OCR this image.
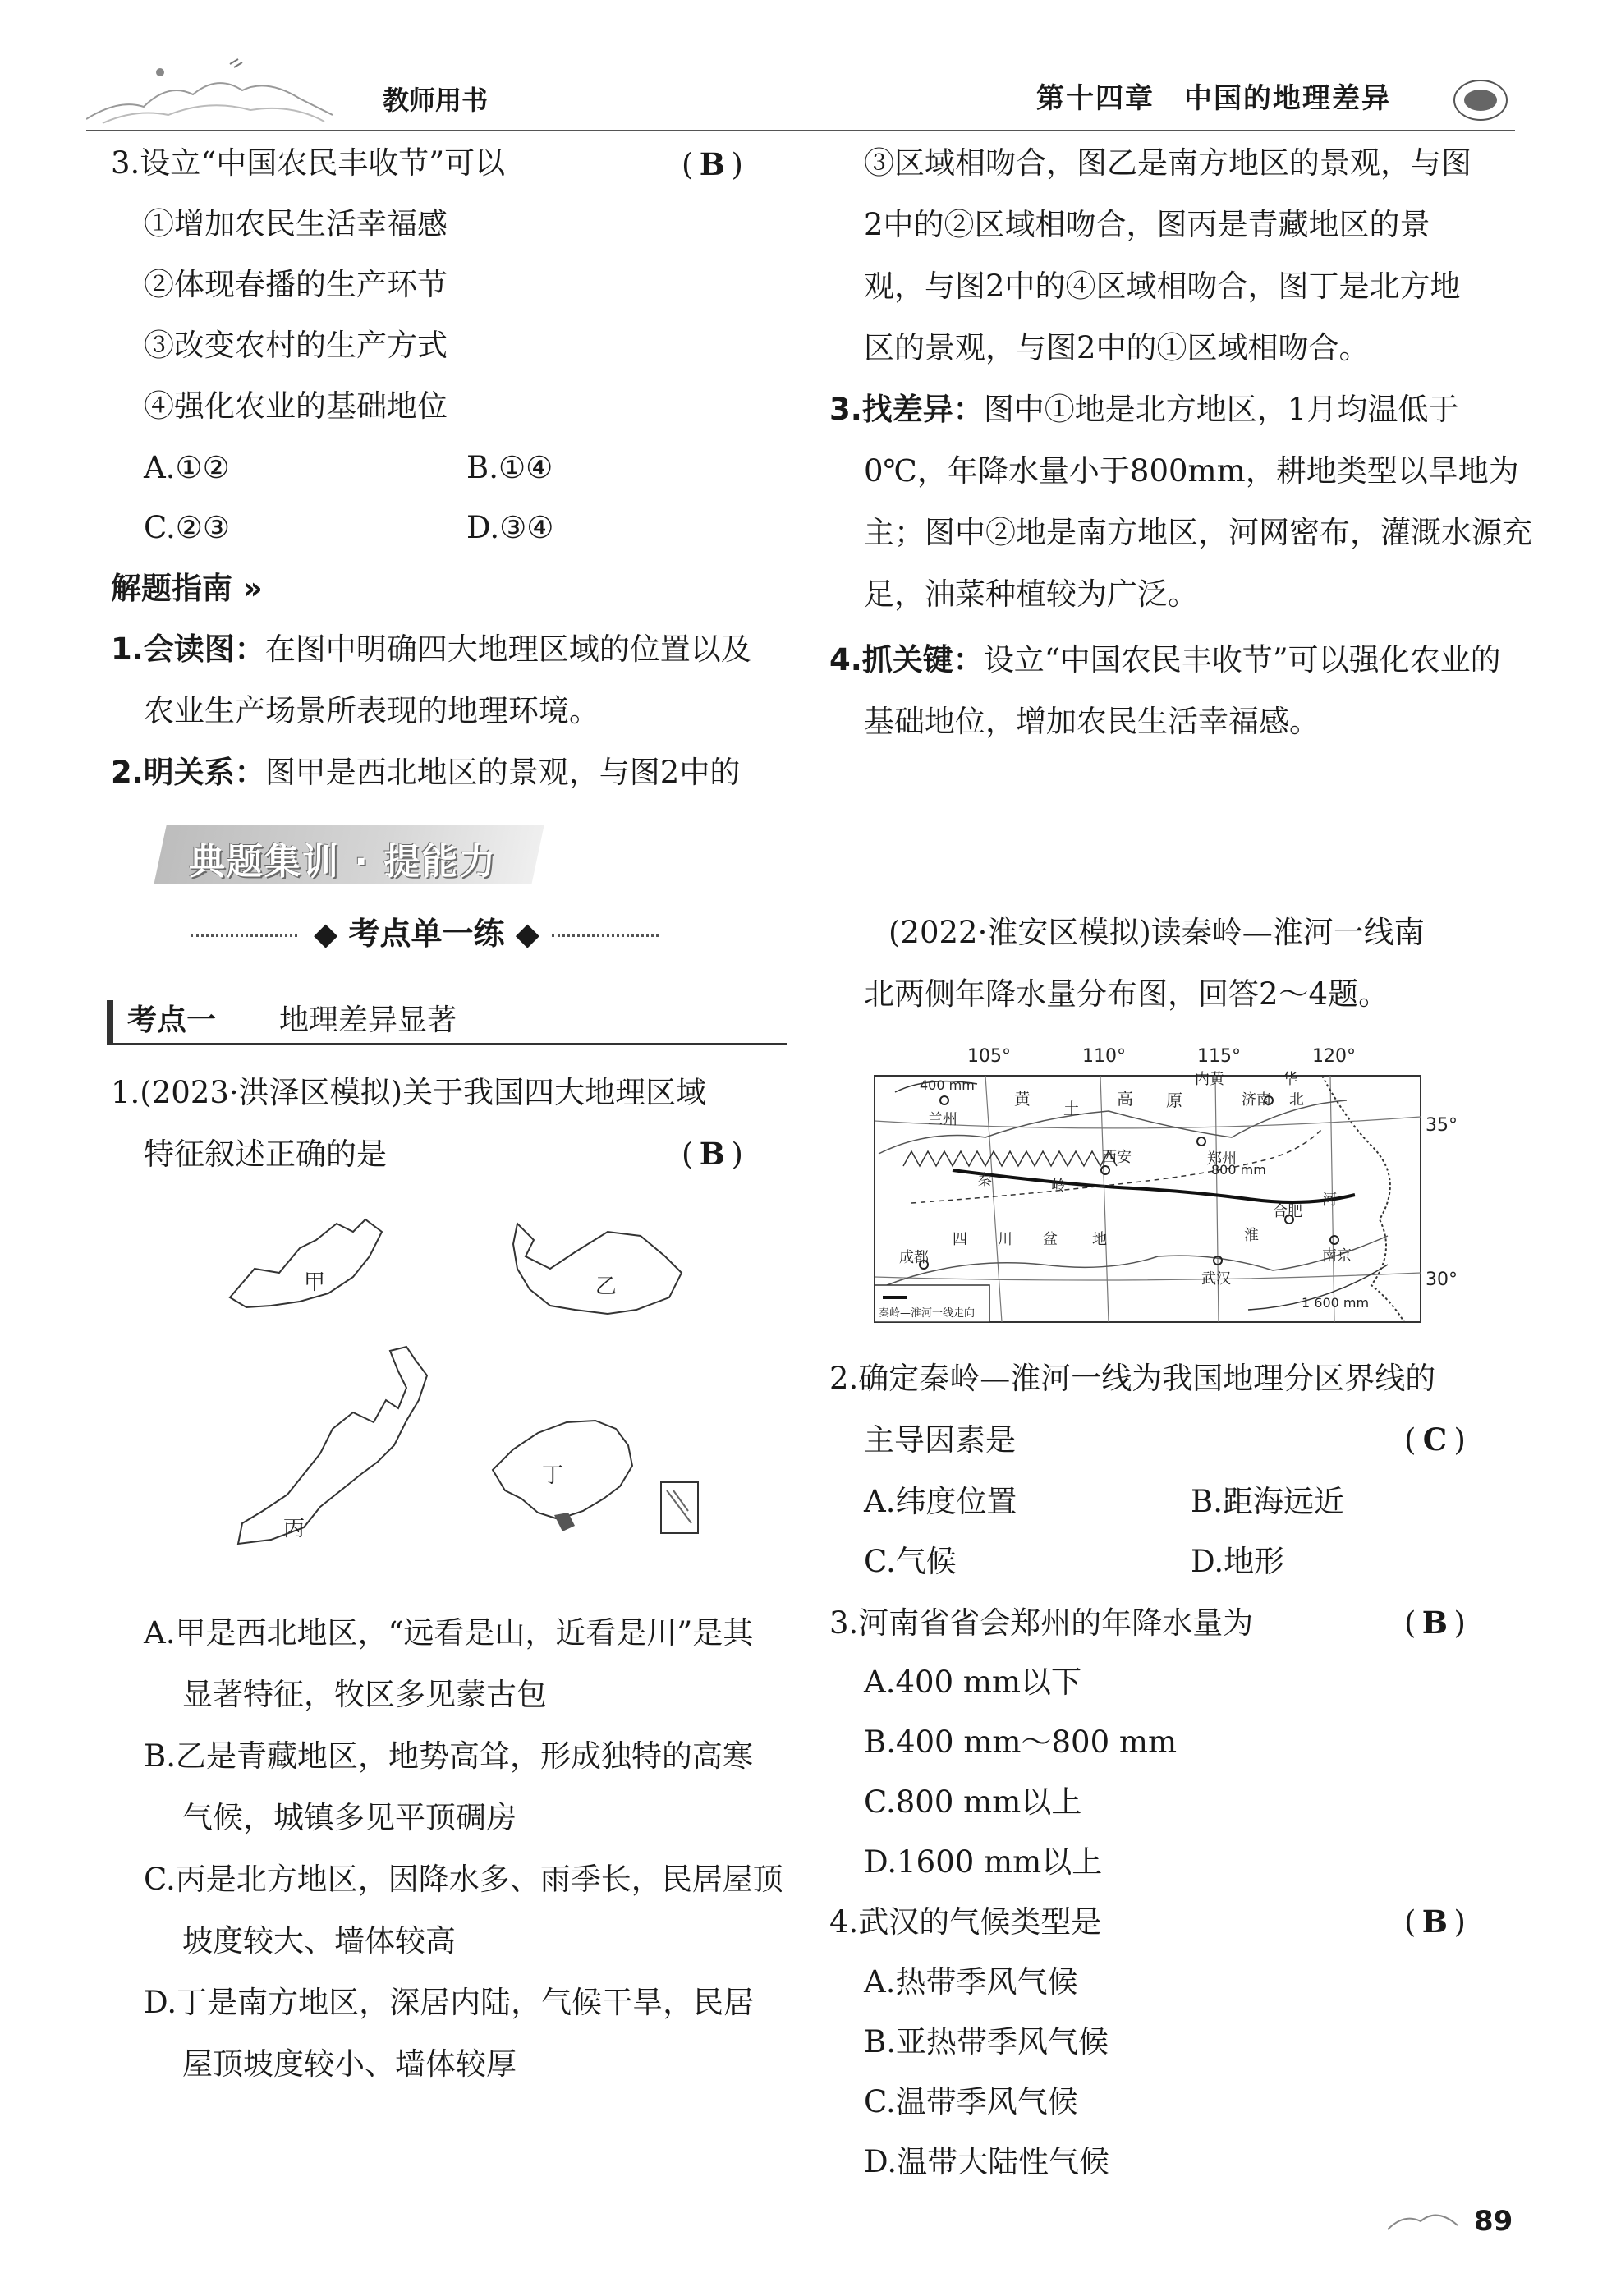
教师用书	第十四章　中国的地理差异
3.设立“中国农民丰收节”可以	( B )
①增加农民生活幸福感
②体现春播的生产环节
③改变农村的生产方式
④强化农业的基础地位
A.①②	B.①④
C.②③	D.③④
解题指南 »
1.会读图：在图中明确四大地理区域的位置以及
农业生产场景所表现的地理环境。
2.明关系：图甲是西北地区的景观，与图2中的
③区域相吻合，图乙是南方地区的景观，与图
2中的②区域相吻合，图丙是青藏地区的景
观，与图2中的④区域相吻合，图丁是北方地
区的景观，与图2中的①区域相吻合。
3.找差异：图中①地是北方地区，1月均温低于
0℃，年降水量小于800mm，耕地类型以旱地为
主；图中②地是南方地区，河网密布，灌溉水源充
足，油菜种植较为广泛。
4.抓关键：设立“中国农民丰收节”可以强化农业的
基础地位，增加农民生活幸福感。
典题集训 · 提能力
◆ 考点单一练 ◆
考点一 地理差异显著
1.(2023·洪泽区模拟)关于我国四大地理区域
特征叙述正确的是	( B )
甲	乙
丙
丁
A.甲是西北地区，“远看是山，近看是川”是其
显著特征，牧区多见蒙古包
B.乙是青藏地区，地势高耸，形成独特的高寒
气候，城镇多见平顶碉房
C.丙是北方地区，因降水多、雨季长，民居屋顶
坡度较大、墙体较高
D.丁是南方地区，深居内陆，气候干旱，民居
屋顶坡度较小、墙体较厚
(2022·淮安区模拟)读秦岭—淮河一线南
北两侧年降水量分布图，回答2～4题。
105°	110°	115°	120°
35°
30°
400 mm
800 mm
1 600 mm
黄 土 高 原
内黄	华
北
秦	岭
四 川 盆 地	淮
河
兰州
西安	郑州
济南
成都
武汉
合肥
南京
秦岭—淮河一线走向
2.确定秦岭—淮河一线为我国地理分区界线的
主导因素是	( C )
A.纬度位置	B.距海远近
C.气候	D.地形
3.河南省省会郑州的年降水量为	( B )
A.400 mm以下
B.400 mm～800 mm
C.800 mm以上
D.1600 mm以上
4.武汉的气候类型是	( B )
A.热带季风气候
B.亚热带季风气候
C.温带季风气候
D.温带大陆性气候
89
